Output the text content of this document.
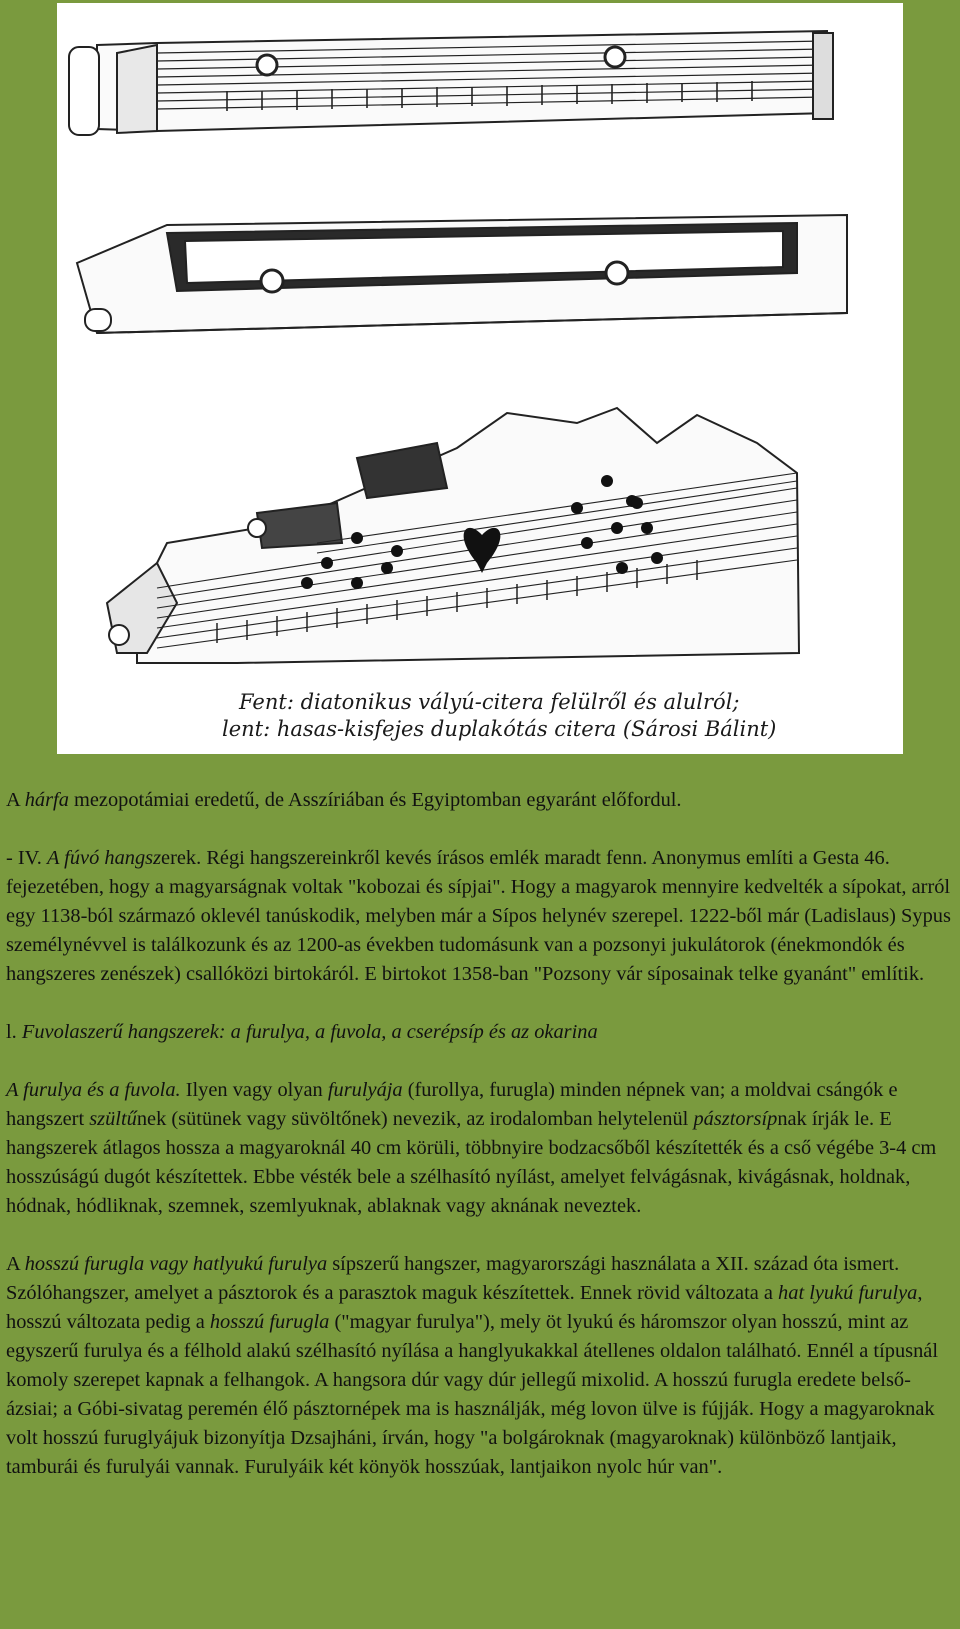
Fent: diatonikus vályú-citera felülről és alulról;
lent: hasas-kisfejes duplakótás citera (Sárosi Bálint)

A hárfa mezopotámiai eredetű, de Asszíriában és Egyiptomban egyaránt előfordul.

- IV. A fúvó hangszerek. Régi hangszereinkről kevés írásos emlék maradt fenn. Anonymus említi a Gesta 46. fejezetében, hogy a magyarságnak voltak "kobozai és sípjai". Hogy a magyarok mennyire kedvelték a sípokat, arról egy 1138-ból származó oklevél tanúskodik, melyben már a Sípos helynév szerepel. 1222-ből már (Ladislaus) Sypus személynévvel is találkozunk és az 1200-as években tudomásunk van a pozsonyi jukulátorok (énekmondók és hangszeres zenészek) csallóközi birtokáról. E birtokot 1358-ban "Pozsony vár síposainak telke gyanánt" említik.

l. Fuvolaszerű hangszerek: a furulya, a fuvola, a cserépsíp és az okarina

A furulya és a fuvola. Ilyen vagy olyan furulyája (furollya, furugla) minden népnek van; a moldvai csángók e hangszert szültűnek (sütünek vagy süvöltőnek) nevezik, az irodalomban helytelenül pásztorsípnak írják le. E hangszerek átlagos hossza a magyaroknál 40 cm körüli, többnyire bodzacsőből készítették és a cső végébe 3-4 cm hosszúságú dugót készítettek. Ebbe vésték bele a szélhasító nyílást, amelyet felvágásnak, kivágásnak, holdnak, hódnak, hódliknak, szemnek, szemlyuknak, ablaknak vagy aknának neveztek.

A hosszú furugla vagy hatlyukú furulya sípszerű hangszer, magyarországi használata a XII. század óta ismert. Szólóhangszer, amelyet a pásztorok és a parasztok maguk készítettek. Ennek rövid változata a hat lyukú furulya, hosszú változata pedig a hosszú furugla ("magyar furulya"), mely öt lyukú és háromszor olyan hosszú, mint az egyszerű furulya és a félhold alakú szélhasító nyílása a hanglyukakkal átellenes oldalon található. Ennél a típusnál komoly szerepet kapnak a felhangok. A hangsora dúr vagy dúr jellegű mixolid. A hosszú furugla eredete belső-ázsiai; a Góbi-sivatag peremén élő pásztornépek ma is használják, még lovon ülve is fújják. Hogy a magyaroknak volt hosszú furuglyájuk bizonyítja Dzsajháni, írván, hogy "a bolgároknak (magyaroknak) különböző lantjaik, tamburái és furulyái vannak. Furulyáik két könyök hosszúak, lantjaikon nyolc húr van".
